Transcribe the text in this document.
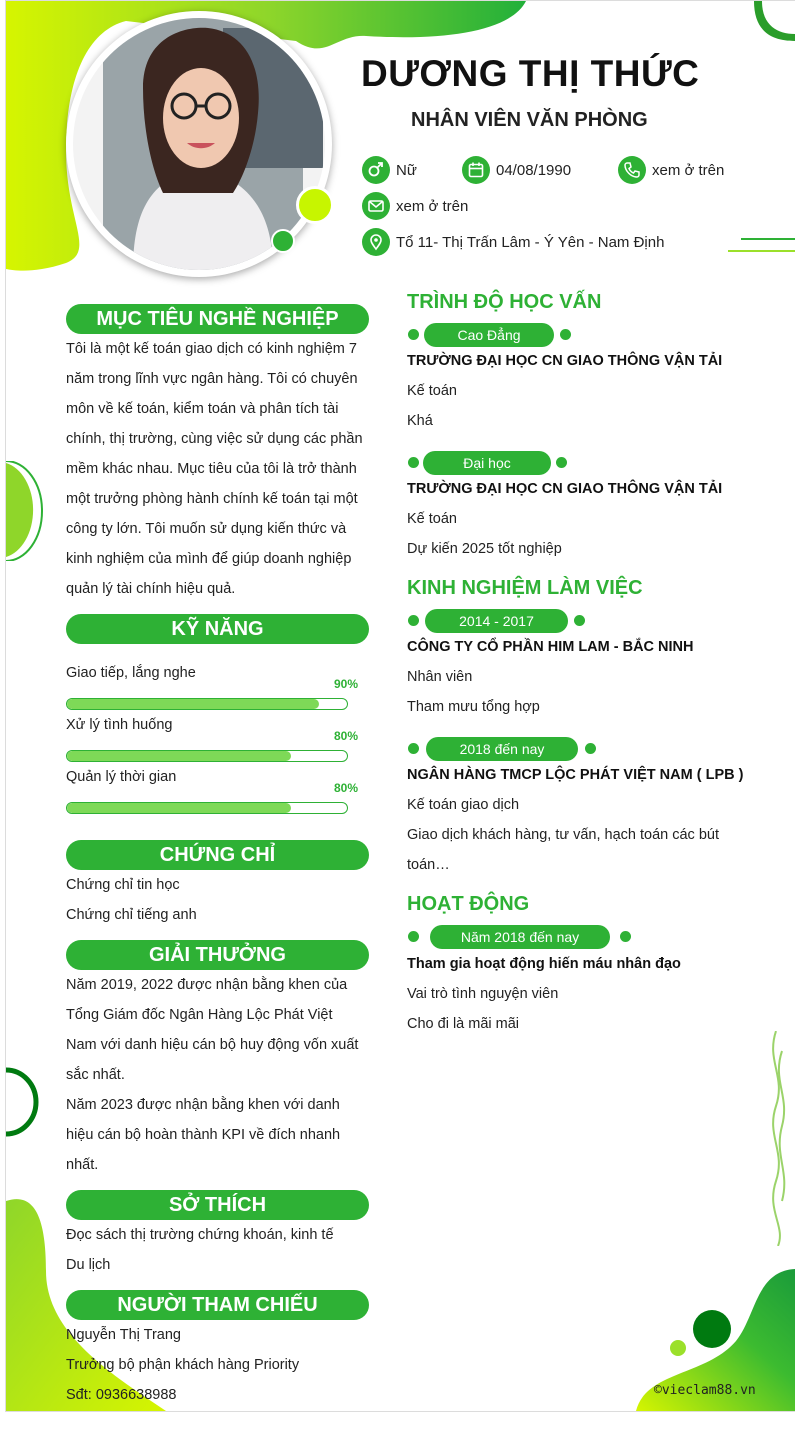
DƯƠNG THỊ THỨC
NHÂN VIÊN VĂN PHÒNG
Nữ	04/08/1990	xem ở trên
xem ở trên
Tổ 11- Thị Trấn Lâm - Ý Yên - Nam Định
MỤC TIÊU NGHỀ NGHIỆP
Tôi là một kế toán giao dịch có kinh nghiệm 7
năm trong lĩnh vực ngân hàng. Tôi có chuyên
môn về kế toán, kiểm toán và phân tích tài
chính, thị trường, cùng việc sử dụng các phần
mềm khác nhau. Mục tiêu của tôi là trở thành
một trưởng phòng hành chính kế toán tại một
công ty lớn. Tôi muốn sử dụng kiến thức và
kinh nghiệm của mình để giúp doanh nghiệp
quản lý tài chính hiệu quả.
KỸ NĂNG
Giao tiếp, lắng nghe
90%
Xử lý tình huống
80%
Quản lý thời gian
80%
CHỨNG CHỈ
Chứng chỉ tin học
Chứng chỉ tiếng anh
GIẢI THƯỞNG
Năm 2019, 2022 được nhận bằng khen của
Tổng Giám đốc Ngân Hàng Lộc Phát Việt
Nam với danh hiệu cán bộ huy động vốn xuất
sắc nhất.
Năm 2023 được nhận bằng khen với danh
hiệu cán bộ hoàn thành KPI về đích nhanh
nhất.
SỞ THÍCH
Đọc sách thị trường chứng khoán, kinh tế
Du lịch
NGƯỜI THAM CHIẾU
Nguyễn Thị Trang
Trưởng bộ phận khách hàng Priority
Sđt: 0936638988
TRÌNH ĐỘ HỌC VẤN
Cao Đẳng
TRƯỜNG ĐẠI HỌC CN GIAO THÔNG VẬN TẢI
Kế toán
Khá
Đại học
TRƯỜNG ĐẠI HỌC CN GIAO THÔNG VẬN TẢI
Kế toán
Dự kiến 2025 tốt nghiệp
KINH NGHIỆM LÀM VIỆC
2014 - 2017
CÔNG TY CỔ PHẦN HIM LAM - BẮC NINH
Nhân viên
Tham mưu tổng hợp
2018 đến nay
NGÂN HÀNG TMCP LỘC PHÁT VIỆT NAM ( LPB )
Kế toán giao dịch
Giao dịch khách hàng, tư vấn, hạch toán các bút
toán…
HOẠT ĐỘNG
Năm 2018 đến nay
Tham gia hoạt động hiến máu nhân đạo
Vai trò tình nguyện viên
Cho đi là mãi mãi
©vieclam88.vn
